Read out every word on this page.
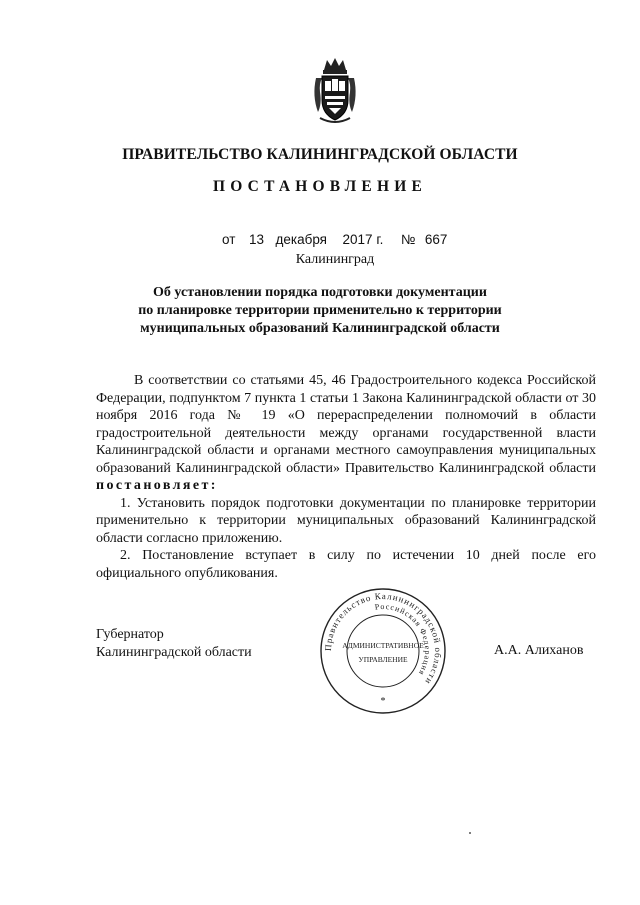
ПРАВИТЕЛЬСТВО КАЛИНИНГРАДСКОЙ ОБЛАСТИ
ПОСТАНОВЛЕНИЕ
от 13 декабря 2017 г. № 667
Калининград
Об установлении порядка подготовки документации
по планировке территории применительно к территории
муниципальных образований Калининградской области

В соответствии со статьями 45, 46 Градостроительного кодекса Российской Федерации, подпунктом 7 пункта 1 статьи 1 Закона Калининградской области от 30 ноября 2016 года № 19 «О перераспределении полномочий в области градостроительной деятельности между органами государственной власти Калининградской области и органами местного самоуправления муниципальных образований Калининградской области» Правительство Калининградской области постановляет:

1. Установить порядок подготовки документации по планировке территории применительно к территории муниципальных образований Калининградской области согласно приложению.

2. Постановление вступает в силу по истечении 10 дней после его официального опубликования.

Губернатор
Калининградской области	А.А. Алиханов
Правительство Калининградской области
Российская Федерация
АДМИНИСТРАТИВНОЕ
УПРАВЛЕНИЕ
*
